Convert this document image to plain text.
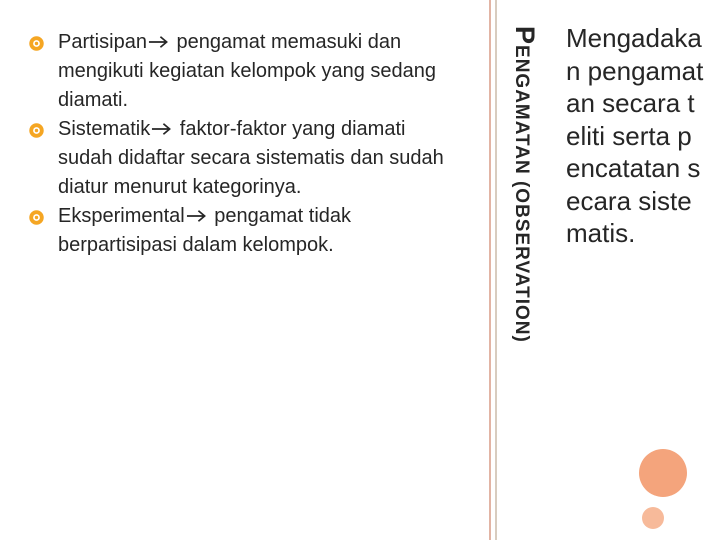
Partisipan pengamat memasuki dan mengikuti kegiatan kelompok yang sedang diamati.
Sistematik faktor-faktor yang diamati sudah didaftar secara sistematis dan sudah diatur menurut kategorinya.
Eksperimental pengamat tidak berpartisipasi dalam kelompok.
PENGAMATAN (OBSERVATION)

Mengadakan pengamatan secara teliti serta pencatatan secara sistematis.
